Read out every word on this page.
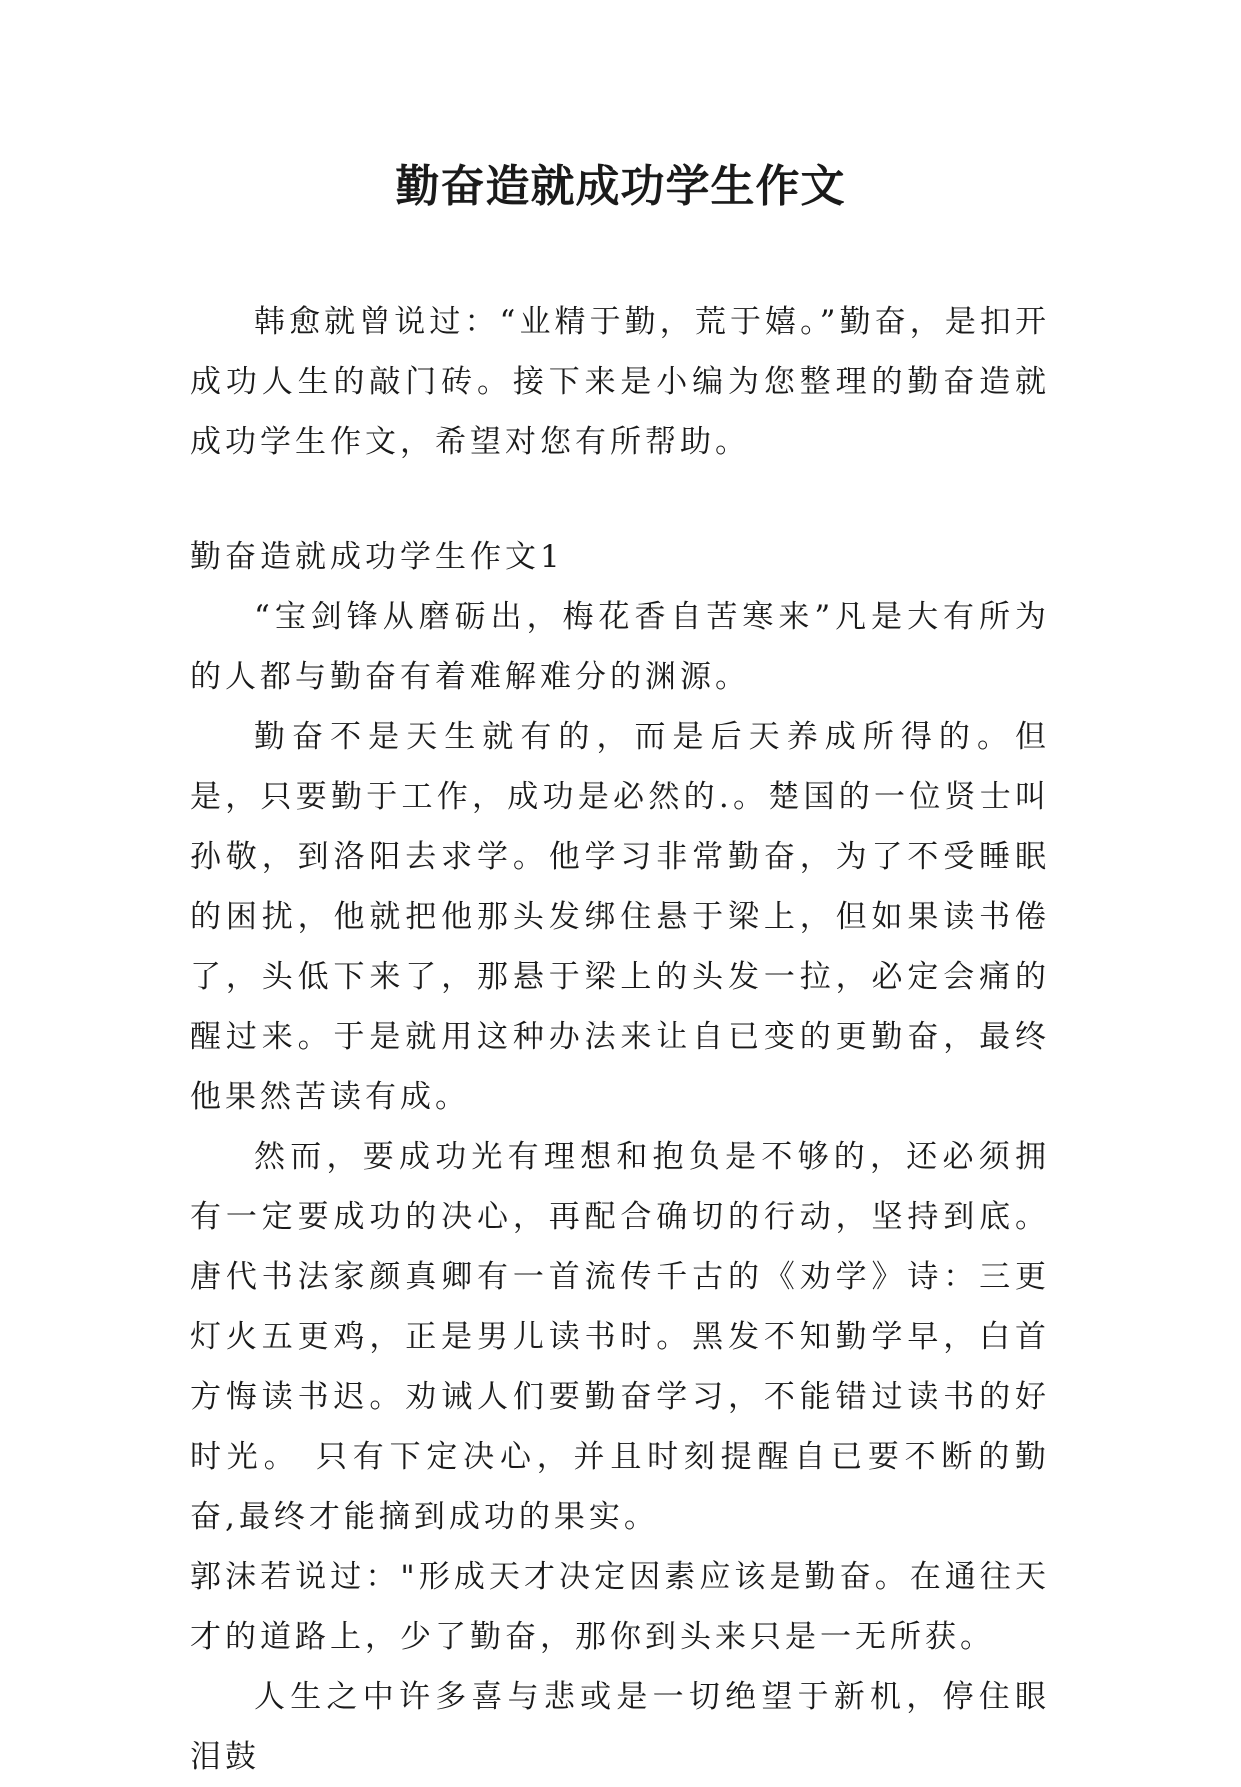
勤奋造就成功学生作文

韩愈就曾说过：“业精于勤，荒于嬉。”勤奋，是扣开成功人生的敲门砖。接下来是小编为您整理的勤奋造就成功学生作文，希望对您有所帮助。

勤奋造就成功学生作文1

“宝剑锋从磨砺出，梅花香自苦寒来”凡是大有所为的人都与勤奋有着难解难分的渊源。

勤奋不是天生就有的，而是后天养成所得的。但是，只要勤于工作，成功是必然的.。楚国的一位贤士叫孙敬，到洛阳去求学。他学习非常勤奋，为了不受睡眠的困扰，他就把他那头发绑住悬于梁上，但如果读书倦了，头低下来了，那悬于梁上的头发一拉，必定会痛的醒过来。于是就用这种办法来让自已变的更勤奋，最终他果然苦读有成。

然而，要成功光有理想和抱负是不够的，还必须拥有一定要成功的决心，再配合确切的行动，坚持到底。唐代书法家颜真卿有一首流传千古的《劝学》诗：三更灯火五更鸡，正是男儿读书时。黑发不知勤学早，白首方悔读书迟。劝诫人们要勤奋学习，不能错过读书的好时光。 只有下定决心，并且时刻提醒自已要不断的勤奋,最终才能摘到成功的果实。

郭沫若说过："形成天才决定因素应该是勤奋。在通往天才的道路上，少了勤奋，那你到头来只是一无所获。

人生之中许多喜与悲或是一切绝望于新机，停住眼泪鼓
